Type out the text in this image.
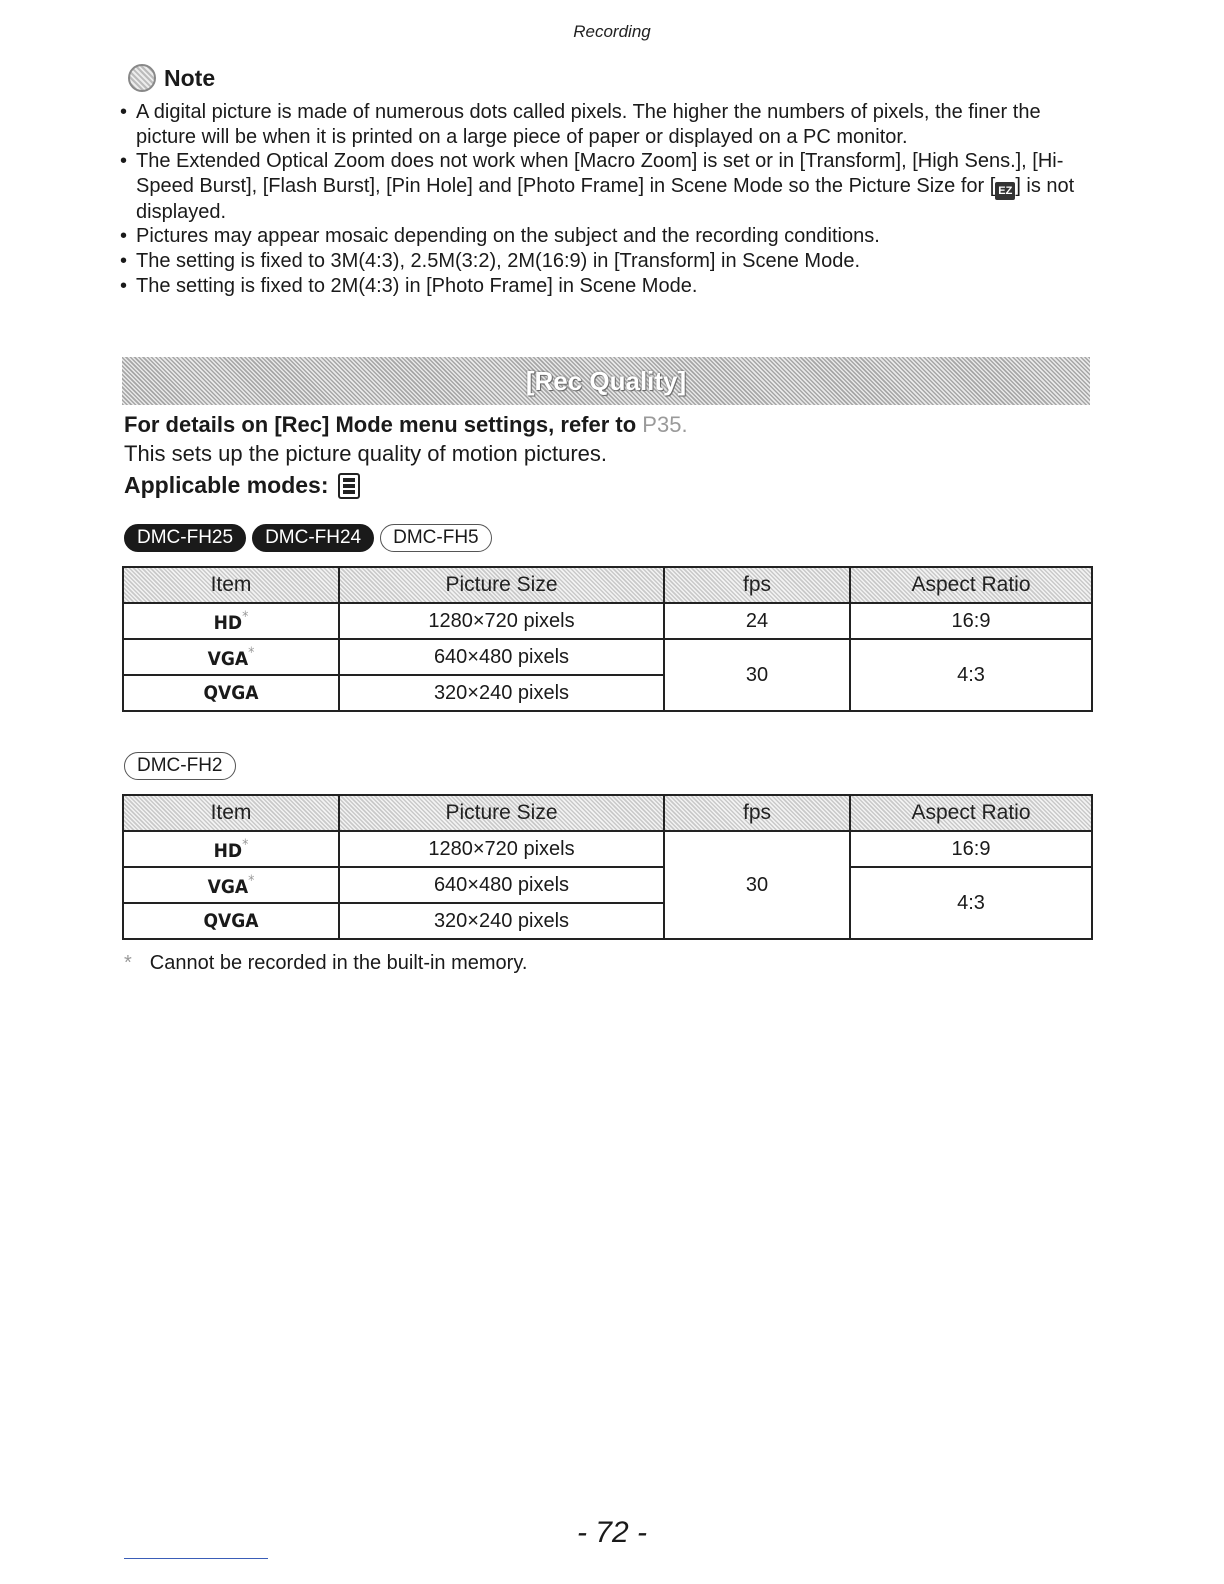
Recording
Note
• A digital picture is made of numerous dots called pixels. The higher the numbers of pixels, the finer the picture will be when it is printed on a large piece of paper or displayed on a PC monitor.
• The Extended Optical Zoom does not work when [Macro Zoom] is set or in [Transform], [High Sens.], [Hi-Speed Burst], [Flash Burst], [Pin Hole] and [Photo Frame] in Scene Mode so the Picture Size for [ EZ ] is not displayed.
• Pictures may appear mosaic depending on the subject and the recording conditions.
• The setting is fixed to 3M(4:3), 2.5M(3:2), 2M(16:9) in [Transform] in Scene Mode.
• The setting is fixed to 2M(4:3) in [Photo Frame] in Scene Mode.
[Rec Quality]
For details on [Rec] Mode menu settings, refer to P35.
This sets up the picture quality of motion pictures.
Applicable modes:
DMC-FH25	DMC-FH24	DMC-FH5
Item	Picture Size	fps	Aspect Ratio
HD*	1280×720 pixels	24	16:9
VGA*	640×480 pixels	30	4:3
QVGA	320×240 pixels		
DMC-FH2
Item	Picture Size	fps	Aspect Ratio
HD*	1280×720 pixels	30	16:9
VGA*	640×480 pixels		4:3
QVGA	320×240 pixels		
* Cannot be recorded in the built-in memory.
- 72 -
